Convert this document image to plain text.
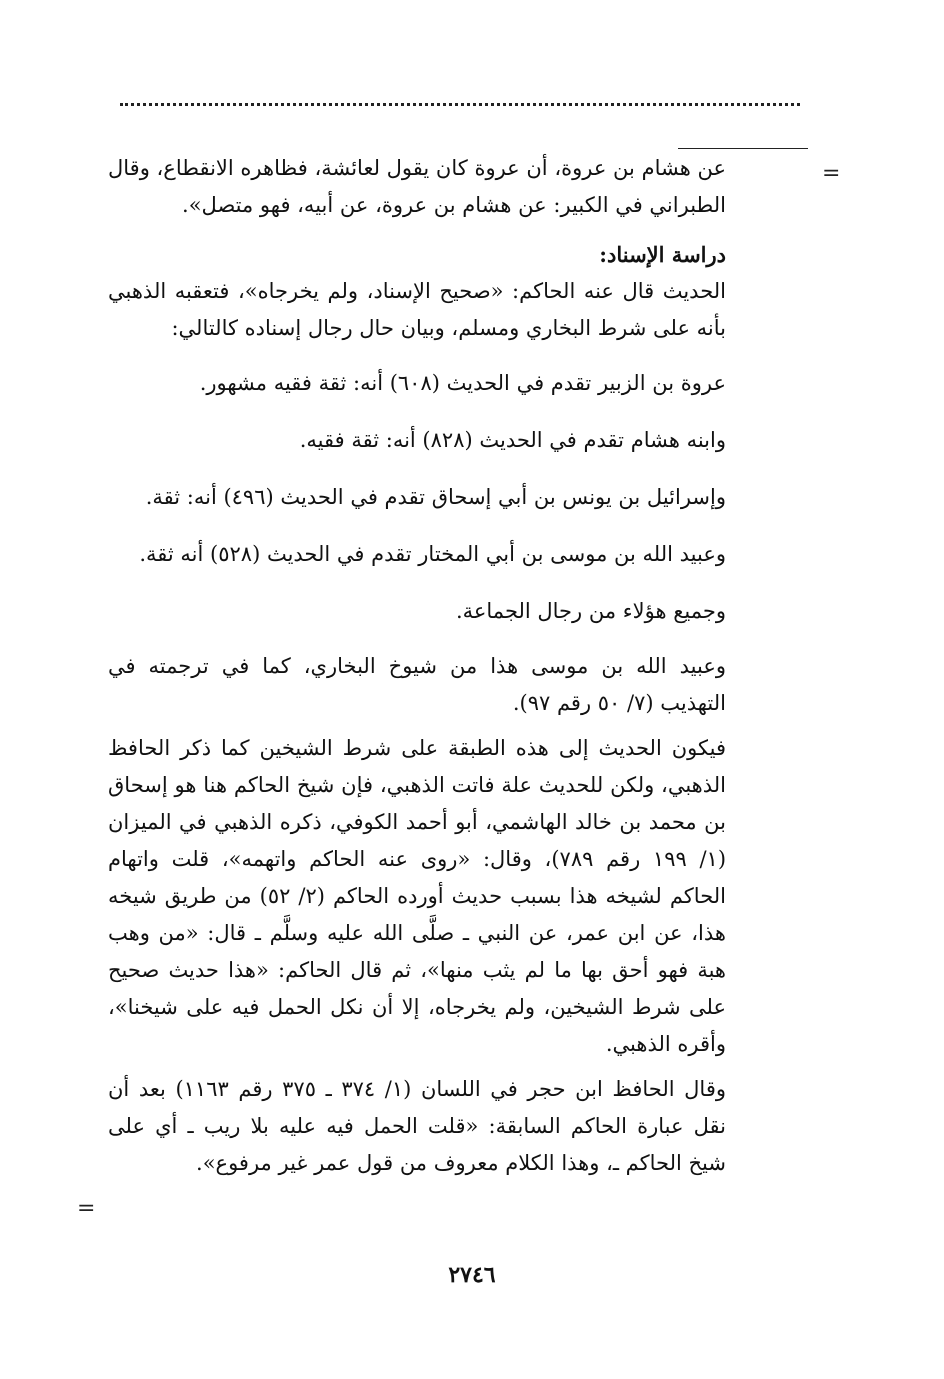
=

عن هشام بن عروة، أن عروة كان يقول لعائشة، فظاهره الانقطاع، وقال الطبراني في الكبير: عن هشام بن عروة، عن أبيه، فهو متصل».

دراسة الإسناد:

الحديث قال عنه الحاكم: «صحيح الإسناد، ولم يخرجاه»، فتعقبه الذهبي بأنه على شرط البخاري ومسلم، وبيان حال رجال إسناده كالتالي:

عروة بن الزبير تقدم في الحديث (٦٠٨) أنه: ثقة فقيه مشهور.

وابنه هشام تقدم في الحديث (٨٢٨) أنه: ثقة فقيه.

وإسرائيل بن يونس بن أبي إسحاق تقدم في الحديث (٤٩٦) أنه: ثقة.

وعبيد الله بن موسى بن أبي المختار تقدم في الحديث (٥٢٨) أنه ثقة.

وجميع هؤلاء من رجال الجماعة.

وعبيد الله بن موسى هذا من شيوخ البخاري، كما في ترجمته في التهذيب (٧/ ٥٠ رقم ٩٧).

فيكون الحديث إلى هذه الطبقة على شرط الشيخين كما ذكر الحافظ الذهبي، ولكن للحديث علة فاتت الذهبي، فإن شيخ الحاكم هنا هو إسحاق بن محمد بن خالد الهاشمي، أبو أحمد الكوفي، ذكره الذهبي في الميزان (١/ ١٩٩ رقم ٧٨٩)، وقال: «روى عنه الحاكم واتهمه»، قلت واتهام الحاكم لشيخه هذا بسبب حديث أورده الحاكم (٢/ ٥٢) من طريق شيخه هذا، عن ابن عمر، عن النبي ـ صلَّى الله عليه وسلَّم ـ قال: «من وهب هبة فهو أحق بها ما لم يثب منها»، ثم قال الحاكم: «هذا حديث صحيح على شرط الشيخين، ولم يخرجاه، إلا أن نكل الحمل فيه على شيخنا»، وأقره الذهبي.

وقال الحافظ ابن حجر في اللسان (١/ ٣٧٤ ـ ٣٧٥ رقم ١١٦٣) بعد أن نقل عبارة الحاكم السابقة: «قلت الحمل فيه عليه بلا ريب ـ أي على شيخ الحاكم ـ، وهذا الكلام معروف من قول عمر غير مرفوع».

=
٢٧٤٦
